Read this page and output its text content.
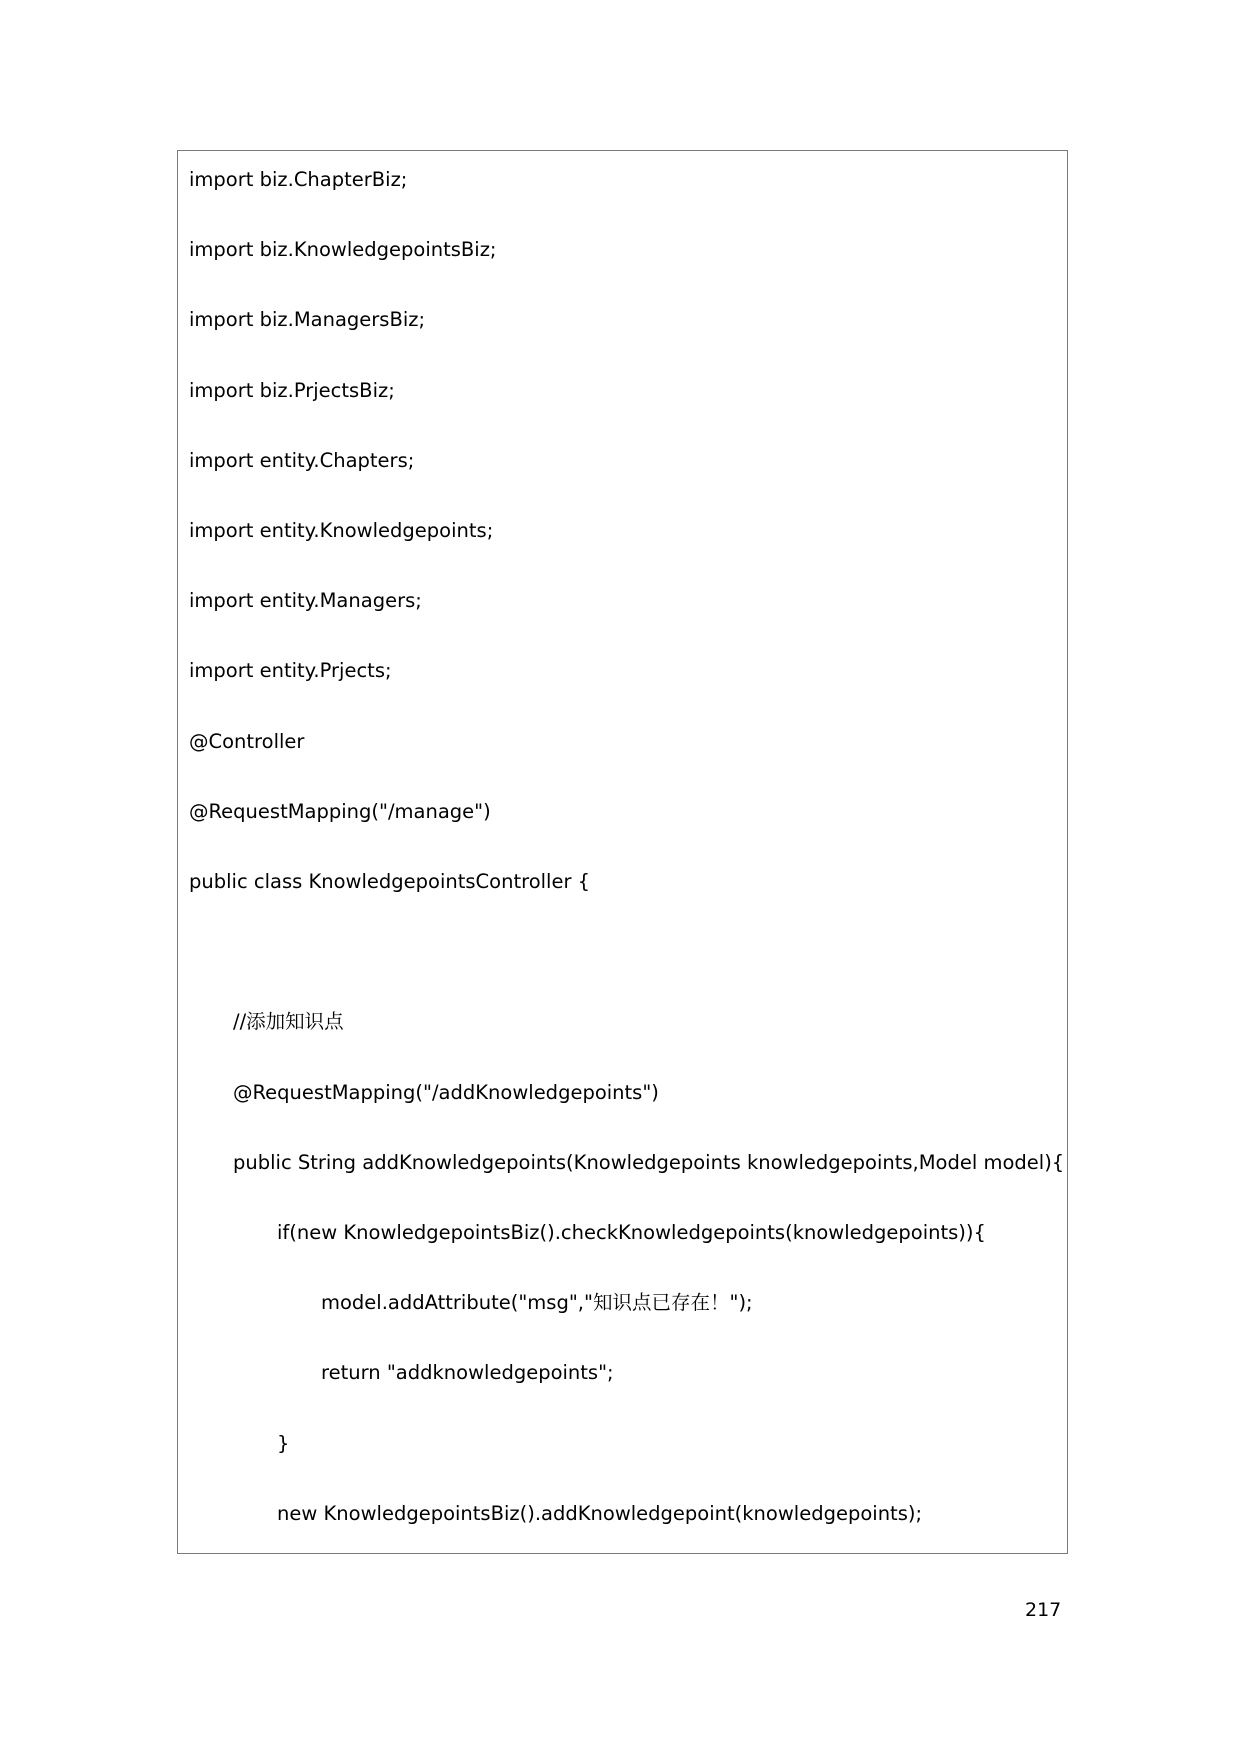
import biz.ChapterBiz;
import biz.KnowledgepointsBiz;
import biz.ManagersBiz;
import biz.PrjectsBiz;
import entity.Chapters;
import entity.Knowledgepoints;
import entity.Managers;
import entity.Prjects;
@Controller
@RequestMapping("/manage")
public class KnowledgepointsController {
//添加知识点
@RequestMapping("/addKnowledgepoints")
public String addKnowledgepoints(Knowledgepoints knowledgepoints,Model model){
if(new KnowledgepointsBiz().checkKnowledgepoints(knowledgepoints)){
model.addAttribute("msg","知识点已存在！");
return "addknowledgepoints";
}
new KnowledgepointsBiz().addKnowledgepoint(knowledgepoints);
217
